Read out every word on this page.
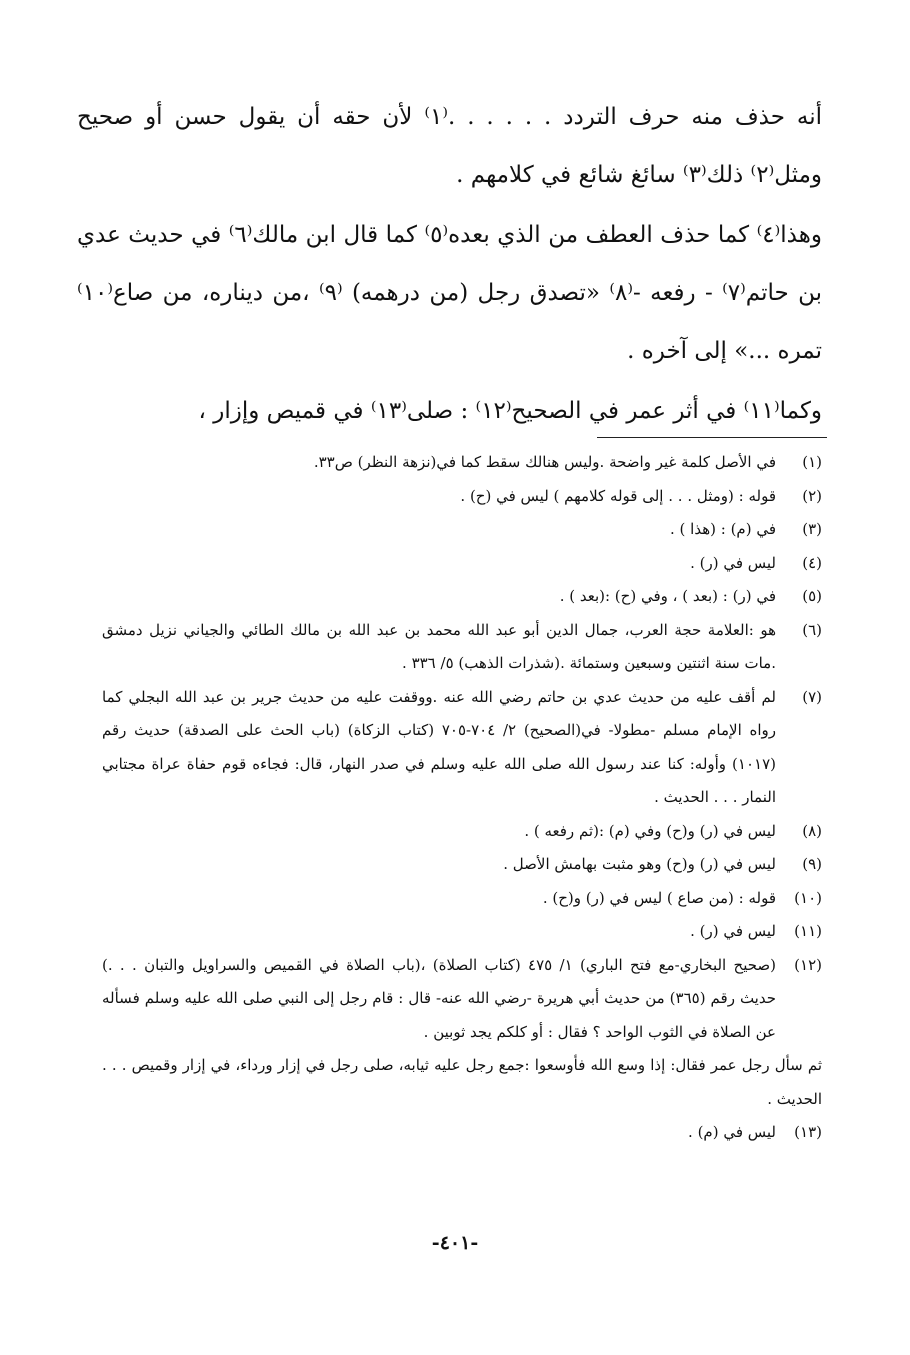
أنه حذف منه حرف التردد . . . . . .⁽١⁾ لأن حقه أن يقول حسن أو صحيح ومثل⁽٢⁾ ذلك⁽٣⁾ سائغ شائع في كلامهم .

وهذا⁽٤⁾ كما حذف العطف من الذي بعده⁽٥⁾ كما قال ابن مالك⁽٦⁾ في حديث عدي بن حاتم⁽٧⁾ - رفعه -⁽٨⁾ «تصدق رجل (من درهمه) ⁽٩⁾ ،من ديناره، من صاع⁽١٠⁾ تمره ...» إلى آخره .

وكما⁽١١⁾ في أثر عمر في الصحيح⁽١٢⁾ : صلى⁽١٣⁾ في قميص وإزار ،

(١)في الأصل كلمة غير واضحة .وليس هنالك سقط كما في(نزهة النظر) ص٣٣.

(٢)قوله : (ومثل . . . إلى قوله كلامهم ) ليس في (ح) .

(٣)في (م) : (هذا ) .

(٤)ليس في (ر) .

(٥)في (ر) : (بعد ) ، وفي (ح) :(بعد ) .

(٦)هو :العلامة حجة العرب، جمال الدين أبو عبد الله محمد بن عبد الله بن مالك الطائي والجياني نزيل دمشق .مات سنة اثنتين وسبعين وستمائة .(شذرات الذهب) ٥/ ٣٣٦ .

(٧)لم أقف عليه من حديث عدي بن حاتم رضي الله عنه .ووقفت عليه من حديث جرير بن عبد الله البجلي كما رواه الإمام مسلم -مطولا- في(الصحيح) ٢/ ٧٠٤-٧٠٥ (كتاب الزكاة) (باب الحث على الصدقة) حديث رقم (١٠١٧) وأوله: كنا عند رسول الله صلى الله عليه وسلم في صدر النهار، قال: فجاءه قوم حفاة عراة مجتابي النمار . . . الحديث .

(٨)ليس في (ر) و(ح) وفي (م) :(ثم رفعه ) .

(٩)ليس في (ر) و(ح) وهو مثبت بهامش الأصل .

(١٠)قوله : (من صاع ) ليس في (ر) و(ح) .

(١١)ليس في (ر) .

(١٢)(صحيح البخاري-مع فتح الباري) ١/ ٤٧٥ (كتاب الصلاة) ،(باب الصلاة في القميص والسراويل والتبان . . .) حديث رقم (٣٦٥) من حديث أبي هريرة -رضي الله عنه- قال : قام رجل إلى النبي صلى الله عليه وسلم فسأله عن الصلاة في الثوب الواحد ؟ فقال : أو كلكم يجد ثوبين .

ثم سأل رجل عمر فقال: إذا وسع الله فأوسعوا :جمع رجل عليه ثيابه، صلى رجل في إزار ورداء، في إزار وقميص . . . الحديث .

(١٣)ليس في (م) .

-٤٠١-
